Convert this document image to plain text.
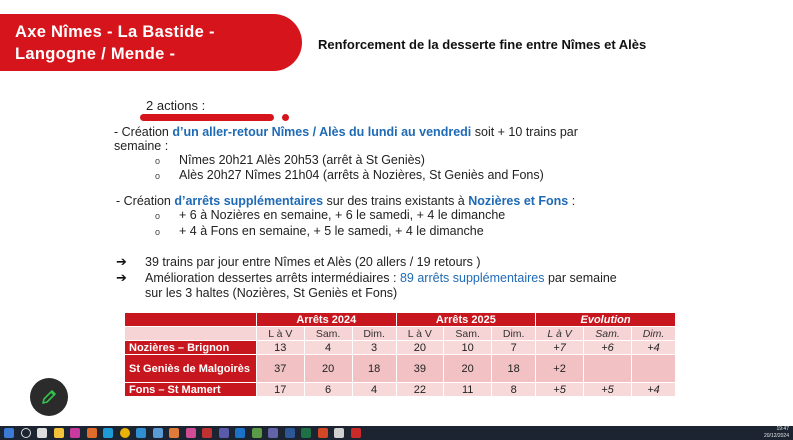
Axe Nîmes - La Bastide -
Langogne / Mende -
Renforcement de la desserte fine entre Nîmes et Alès
2 actions :
- Création d’un aller-retour Nîmes / Alès du lundi au vendredi soit + 10 trains par
semaine :
o Nîmes 20h21 Alès 20h53 (arrêt à St Geniès)
o Alès 20h27 Nîmes 21h04 (arrêts à Nozières, St Geniès and Fons)
- Création d’arrêts supplémentaires sur des trains existants à Nozières et Fons :
o + 6 à Nozières en semaine, + 6 le samedi, + 4 le dimanche
o + 4 à Fons en semaine, + 5 le samedi, + 4 le dimanche
➔ 39 trains par jour entre Nîmes et Alès (20 allers / 19 retours )
➔ Amélioration dessertes arrêts intermédiaires : 89 arrêts supplémentaires par semaine
sur les 3 haltes (Nozières, St Geniès et Fons)
	Arrêts 2024			Arrêts 2025			Evolution		
	L à V	Sam.	Dim.	L à V	Sam.	Dim.	L à V	Sam.	Dim.
Nozières – Brignon	13	4	3	20	10	7	+7	+6	+4
St Geniès de Malgoirès	37	20	18	39	20	18	+2		
Fons – St Mamert	17	6	4	22	11	8	+5	+5	+4
19:47
20/12/2024
